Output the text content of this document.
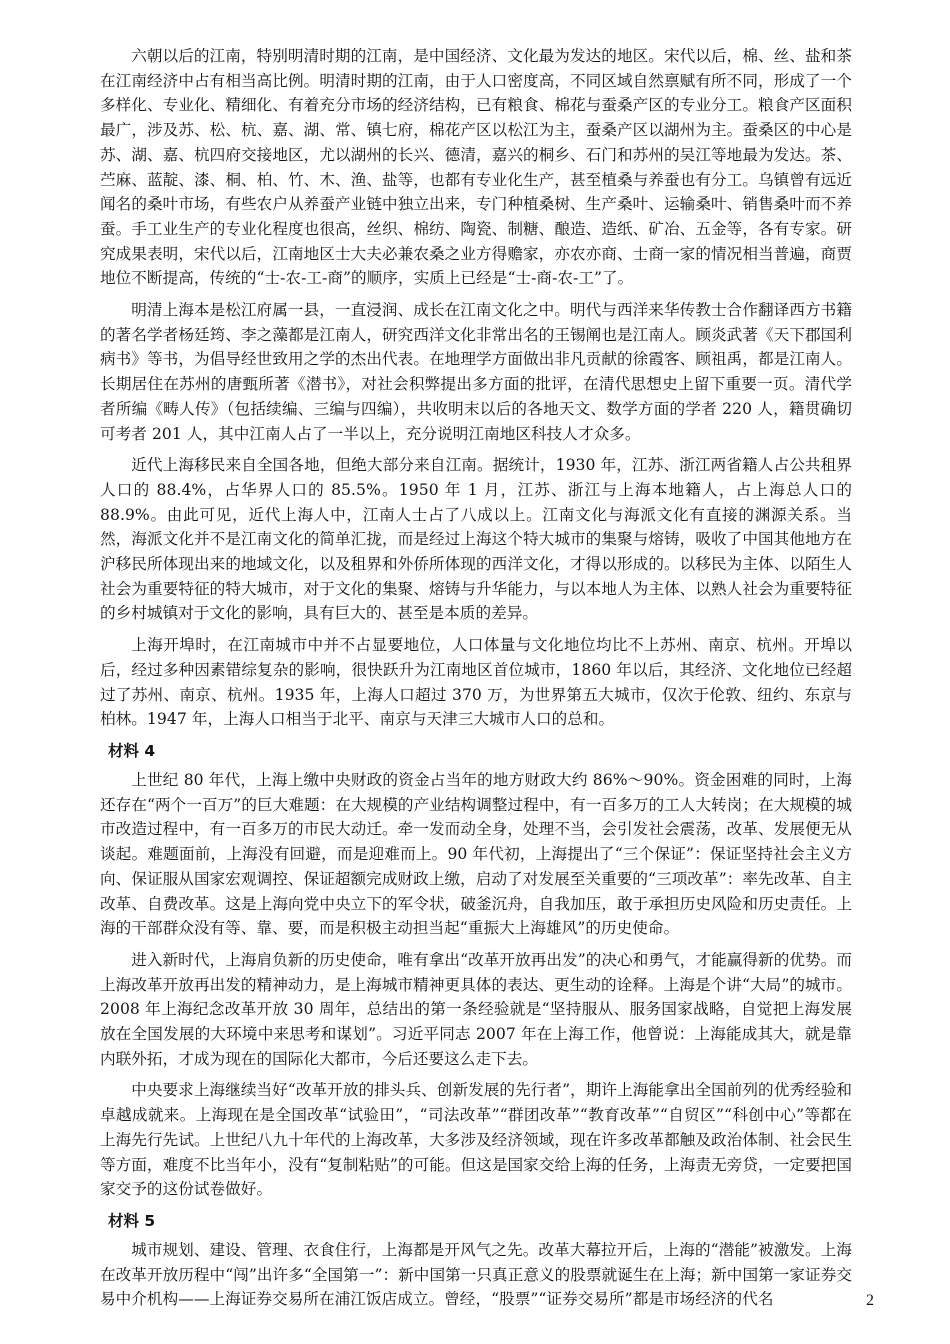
六朝以后的江南，特别明清时期的江南，是中国经济、文化最为发达的地区。宋代以后，棉、丝、盐和茶在江南经济中占有相当高比例。明清时期的江南，由于人口密度高，不同区域自然禀赋有所不同，形成了一个多样化、专业化、精细化、有着充分市场的经济结构，已有粮食、棉花与蚕桑产区的专业分工。粮食产区面积最广，涉及苏、松、杭、嘉、湖、常、镇七府，棉花产区以松江为主，蚕桑产区以湖州为主。蚕桑区的中心是苏、湖、嘉、杭四府交接地区，尤以湖州的长兴、德清，嘉兴的桐乡、石门和苏州的吴江等地最为发达。茶、苎麻、蓝靛、漆、桐、柏、竹、木、渔、盐等，也都有专业化生产，甚至植桑与养蚕也有分工。乌镇曾有远近闻名的桑叶市场，有些农户从养蚕产业链中独立出来，专门种植桑树、生产桑叶、运输桑叶、销售桑叶而不养蚕。手工业生产的专业化程度也很高，丝织、棉纺、陶瓷、制糖、酿造、造纸、矿冶、五金等，各有专家。研究成果表明，宋代以后，江南地区士大夫必兼农桑之业方得赡家，亦农亦商、士商一家的情况相当普遍，商贾地位不断提高，传统的“士-农-工-商”的顺序，实质上已经是“士-商-农-工”了。

明清上海本是松江府属一县，一直浸润、成长在江南文化之中。明代与西洋来华传教士合作翻译西方书籍的著名学者杨廷筠、李之藻都是江南人，研究西洋文化非常出名的王锡阐也是江南人。顾炎武著《天下郡国利病书》等书，为倡导经世致用之学的杰出代表。在地理学方面做出非凡贡献的徐霞客、顾祖禹，都是江南人。长期居住在苏州的唐甄所著《潜书》，对社会积弊提出多方面的批评，在清代思想史上留下重要一页。清代学者所编《畴人传》（包括续编、三编与四编），共收明末以后的各地天文、数学方面的学者 220 人，籍贯确切可考者 201 人，其中江南人占了一半以上，充分说明江南地区科技人才众多。

近代上海移民来自全国各地，但绝大部分来自江南。据统计，1930 年，江苏、浙江两省籍人占公共租界人口的 88.4%，占华界人口的 85.5%。1950 年 1 月，江苏、浙江与上海本地籍人，占上海总人口的 88.9%。由此可见，近代上海人中，江南人士占了八成以上。江南文化与海派文化有直接的渊源关系。当然，海派文化并不是江南文化的简单汇拢，而是经过上海这个特大城市的集聚与熔铸，吸收了中国其他地方在沪移民所体现出来的地域文化，以及租界和外侨所体现的西洋文化，才得以形成的。以移民为主体、以陌生人社会为重要特征的特大城市，对于文化的集聚、熔铸与升华能力，与以本地人为主体、以熟人社会为重要特征的乡村城镇对于文化的影响，具有巨大的、甚至是本质的差异。

上海开埠时，在江南城市中并不占显要地位，人口体量与文化地位均比不上苏州、南京、杭州。开埠以后，经过多种因素错综复杂的影响，很快跃升为江南地区首位城市，1860 年以后，其经济、文化地位已经超过了苏州、南京、杭州。1935 年，上海人口超过 370 万，为世界第五大城市，仅次于伦敦、纽约、东京与柏林。1947 年，上海人口相当于北平、南京与天津三大城市人口的总和。

材料 4

上世纪 80 年代，上海上缴中央财政的资金占当年的地方财政大约 86%～90%。资金困难的同时，上海还存在“两个一百万”的巨大难题：在大规模的产业结构调整过程中，有一百多万的工人大转岗；在大规模的城市改造过程中，有一百多万的市民大动迁。牵一发而动全身，处理不当，会引发社会震荡，改革、发展便无从谈起。难题面前，上海没有回避，而是迎难而上。90 年代初，上海提出了“三个保证”：保证坚持社会主义方向、保证服从国家宏观调控、保证超额完成财政上缴，启动了对发展至关重要的“三项改革”：率先改革、自主改革、自费改革。这是上海向党中央立下的军令状，破釜沉舟，自我加压，敢于承担历史风险和历史责任。上海的干部群众没有等、靠、要，而是积极主动担当起“重振大上海雄风”的历史使命。

进入新时代，上海肩负新的历史使命，唯有拿出“改革开放再出发”的决心和勇气，才能赢得新的优势。而上海改革开放再出发的精神动力，是上海城市精神更具体的表达、更生动的诠释。上海是个讲“大局”的城市。2008 年上海纪念改革开放 30 周年，总结出的第一条经验就是“坚持服从、服务国家战略，自觉把上海发展放在全国发展的大环境中来思考和谋划”。习近平同志 2007 年在上海工作，他曾说：上海能成其大，就是靠内联外拓，才成为现在的国际化大都市，今后还要这么走下去。

中央要求上海继续当好“改革开放的排头兵、创新发展的先行者”，期许上海能拿出全国前列的优秀经验和卓越成就来。上海现在是全国改革“试验田”，“司法改革”“群团改革”“教育改革”“自贸区”“科创中心”等都在上海先行先试。上世纪八九十年代的上海改革，大多涉及经济领域，现在许多改革都触及政治体制、社会民生等方面，难度不比当年小，没有“复制粘贴”的可能。但这是国家交给上海的任务，上海责无旁贷，一定要把国家交予的这份试卷做好。

材料 5

城市规划、建设、管理、衣食住行，上海都是开风气之先。改革大幕拉开后，上海的“潜能”被激发。上海在改革开放历程中“闯”出许多“全国第一”：新中国第一只真正意义的股票就诞生在上海；新中国第一家证券交易中介机构——上海证券交易所在浦江饭店成立。曾经，“股票”“证券交易所”都是市场经济的代名	2
